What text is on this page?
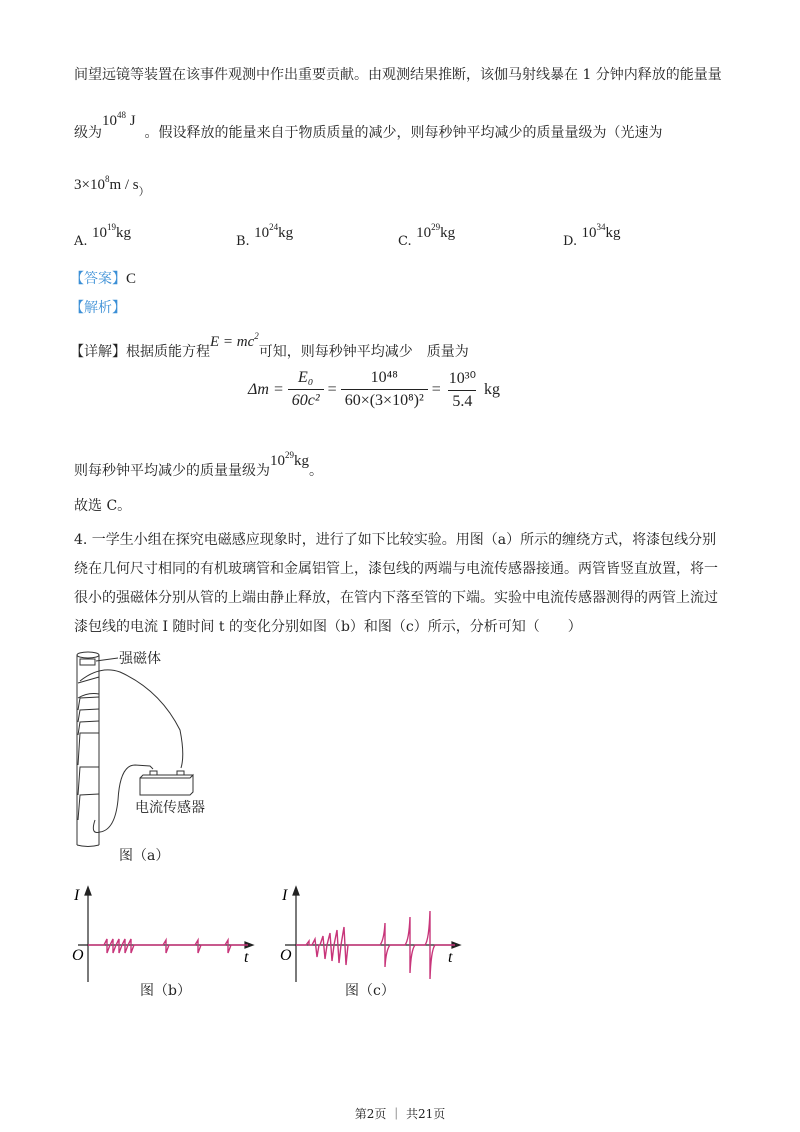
间望远镜等装置在该事件观测中作出重要贡献。由观测结果推断，该伽马射线暴在 1 分钟内释放的能量量
级为$10^{48}$ J  。假设释放的能量来自于物质质量的减少，则每秒钟平均减少的质量量级为（光速为
$3\times 10^8m / s_)$
A. $10^{19}kg$
B. $10^{24}kg$
C. $10^{29}kg$
D. $10^{34}kg$
【答案】C
【解析】
【详解】根据质能方程$E = mc^2$可知，则每秒钟平均减少　质量为
$\Delta m = \frac{\text{E₀}}{\text{60c²}} = \frac{\text{10⁴⁸}}{\text{60×(3×10⁸)²}} = \frac{\text{10³⁰}}{5.4}$ kg
则每秒钟平均减少的质量量级为$10^{29}kg$。
故选 C。
4. 一学生小组在探究电磁感应现象时，进行了如下比较实验。用图（a）所示的缠绕方式，将漆包线分别
绕在几何尺寸相同的有机玻璃管和金属铝管上，漆包线的两端与电流传感器接通。两管皆竖直放置，将一
很小的强磁体分别从管的上端由静止释放，在管内下落至管的下端。实验中电流传感器测得的两管上流过
漆包线的电流 I 随时间 t 的变化分别如图（b）和图（c）所示，分析可知（　　）
强磁体
电流传感器
图（a）
I
O	t
I
O	t
图（b）	图（c）
第2页 ｜ 共21页
